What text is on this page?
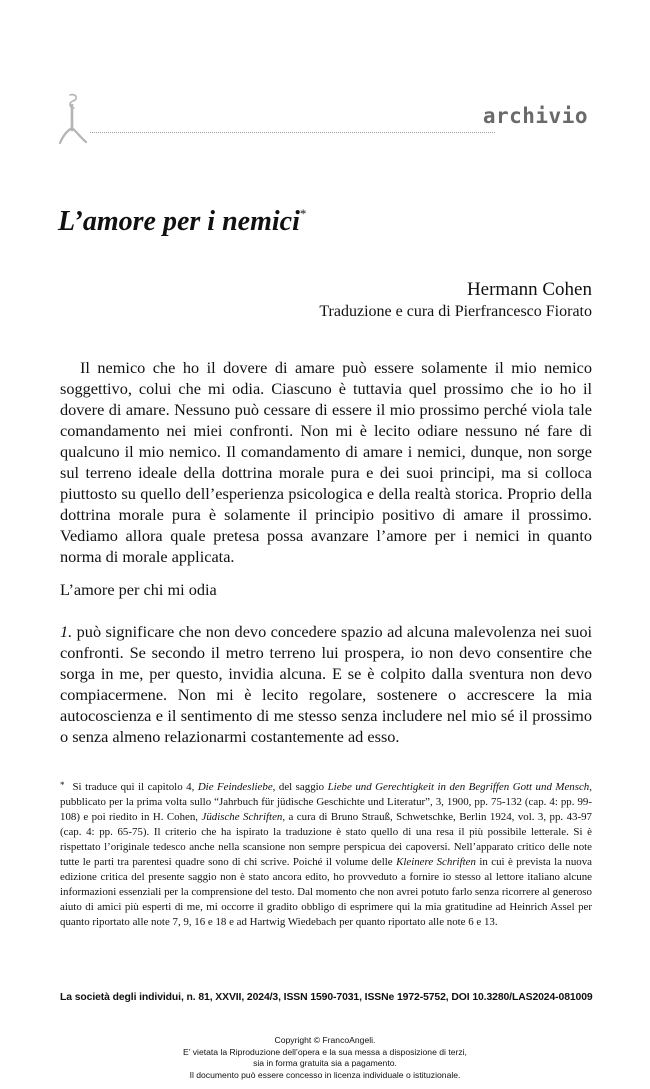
archivio
L’amore per i nemici*
Hermann Cohen
Traduzione e cura di Pierfrancesco Fiorato
Il nemico che ho il dovere di amare può essere solamente il mio nemico soggettivo, colui che mi odia. Ciascuno è tuttavia quel prossimo che io ho il dovere di amare. Nessuno può cessare di essere il mio prossimo perché viola tale comandamento nei miei confronti. Non mi è lecito odiare nessuno né fare di qualcuno il mio nemico. Il comandamento di amare i nemici, dunque, non sorge sul terreno ideale della dottrina morale pura e dei suoi principi, ma si colloca piuttosto su quello dell’esperienza psicologica e della realtà storica. Proprio della dottrina morale pura è solamente il principio positivo di amare il prossimo. Vediamo allora quale pretesa possa avanzare l’amore per i nemici in quanto norma di morale applicata.
L’amore per chi mi odia
1. può significare che non devo concedere spazio ad alcuna malevolenza nei suoi confronti. Se secondo il metro terreno lui prospera, io non devo consentire che sorga in me, per questo, invidia alcuna. E se è colpito dalla sventura non devo compiacermene. Non mi è lecito regolare, sostenere o accrescere la mia autocoscienza e il sentimento di me stesso senza includere nel mio sé il prossimo o senza almeno relazionarmi costantemente ad esso.
* Si traduce qui il capitolo 4, Die Feindesliebe, del saggio Liebe und Gerechtigkeit in den Begriffen Gott und Mensch, pubblicato per la prima volta sullo “Jahrbuch für jüdische Geschichte und Literatur”, 3, 1900, pp. 75-132 (cap. 4: pp. 99-108) e poi riedito in H. Cohen, Jüdische Schriften, a cura di Bruno Strauß, Schwetschke, Berlin 1924, vol. 3, pp. 43-97 (cap. 4: pp. 65-75). Il criterio che ha ispirato la traduzione è stato quello di una resa il più possibile letterale. Si è rispettato l’originale tedesco anche nella scansione non sempre perspicua dei capoversi. Nell’apparato critico delle note tutte le parti tra parentesi quadre sono di chi scrive. Poiché il volume delle Kleinere Schriften in cui è prevista la nuova edizione critica del presente saggio non è stato ancora edito, ho provveduto a fornire io stesso al lettore italiano alcune informazioni essenziali per la comprensione del testo. Dal momento che non avrei potuto farlo senza ricorrere al generoso aiuto di amici più esperti di me, mi occorre il gradito obbligo di esprimere qui la mia gratitudine ad Heinrich Assel per quanto riportato alle note 7, 9, 16 e 18 e ad Hartwig Wiedebach per quanto riportato alle note 6 e 13.
La società degli individui, n. 81, XXVII, 2024/3, ISSN 1590-7031, ISSNe 1972-5752, DOI 10.3280/LAS2024-081009
Copyright © FrancoAngeli.
E’ vietata la Riproduzione dell’opera e la sua messa a disposizione di terzi,
sia in forma gratuita sia a pagamento.
Il documento può essere concesso in licenza individuale o istituzionale.
